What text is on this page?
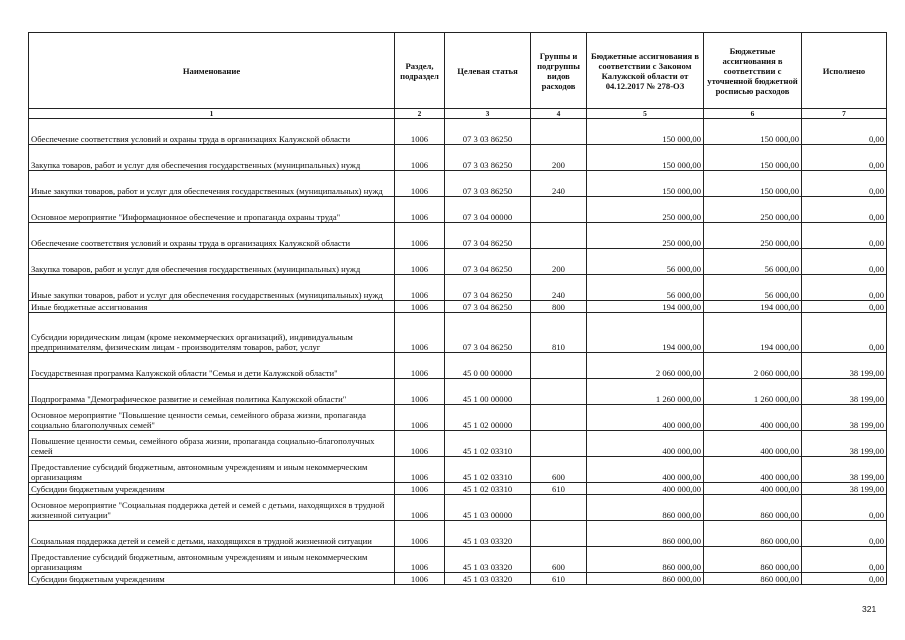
Наименование	Раздел, подраздел	Целевая статья	Группы и подгруппы видов расходов	Бюджетные ассигнования в соответствии с Законом Калужской области от 04.12.2017 № 278-ОЗ	Бюджетные ассигнования в соответствии с уточненной бюджетной росписью расходов	Исполнено
1	2	3	4	5	6	7
Обеспечение соответствия условий и охраны труда в организациях Калужской области	1006	07 3 03 86250		150 000,00	150 000,00	0,00
Закупка товаров, работ и услуг для обеспечения государственных (муниципальных) нужд	1006	07 3 03 86250	200	150 000,00	150 000,00	0,00
Иные закупки товаров, работ и услуг для обеспечения государственных (муниципальных) нужд	1006	07 3 03 86250	240	150 000,00	150 000,00	0,00
Основное мероприятие "Информационное обеспечение и пропаганда охраны труда"	1006	07 3 04 00000		250 000,00	250 000,00	0,00
Обеспечение соответствия условий и охраны труда в организациях Калужской области	1006	07 3 04 86250		250 000,00	250 000,00	0,00
Закупка товаров, работ и услуг для обеспечения государственных (муниципальных) нужд	1006	07 3 04 86250	200	56 000,00	56 000,00	0,00
Иные закупки товаров, работ и услуг для обеспечения государственных (муниципальных) нужд	1006	07 3 04 86250	240	56 000,00	56 000,00	0,00
Иные бюджетные ассигнования	1006	07 3 04 86250	800	194 000,00	194 000,00	0,00
Субсидии юридическим лицам (кроме некоммерческих организаций), индивидуальным предпринимателям, физическим лицам - производителям товаров, работ, услуг	1006	07 3 04 86250	810	194 000,00	194 000,00	0,00
Государственная программа Калужской области "Семья и дети Калужской области"	1006	45 0 00 00000		2 060 000,00	2 060 000,00	38 199,00
Подпрограмма "Демографическое развитие и семейная политика Калужской области"	1006	45 1 00 00000		1 260 000,00	1 260 000,00	38 199,00
Основное мероприятие "Повышение ценности семьи, семейного образа жизни, пропаганда социально благополучных семей"	1006	45 1 02 00000		400 000,00	400 000,00	38 199,00
Повышение ценности семьи, семейного образа жизни, пропаганда социально-благополучных семей	1006	45 1 02 03310		400 000,00	400 000,00	38 199,00
Предоставление субсидий бюджетным, автономным учреждениям и иным некоммерческим организациям	1006	45 1 02 03310	600	400 000,00	400 000,00	38 199,00
Субсидии бюджетным учреждениям	1006	45 1 02 03310	610	400 000,00	400 000,00	38 199,00
Основное мероприятие "Социальная поддержка детей и семей с детьми, находящихся в трудной жизненной ситуации"	1006	45 1 03 00000		860 000,00	860 000,00	0,00
Социальная поддержка детей и семей с детьми, находящихся в трудной жизненной ситуации	1006	45 1 03 03320		860 000,00	860 000,00	0,00
Предоставление субсидий бюджетным, автономным учреждениям и иным некоммерческим организациям	1006	45 1 03 03320	600	860 000,00	860 000,00	0,00
Субсидии бюджетным учреждениям	1006	45 1 03 03320	610	860 000,00	860 000,00	0,00
321
